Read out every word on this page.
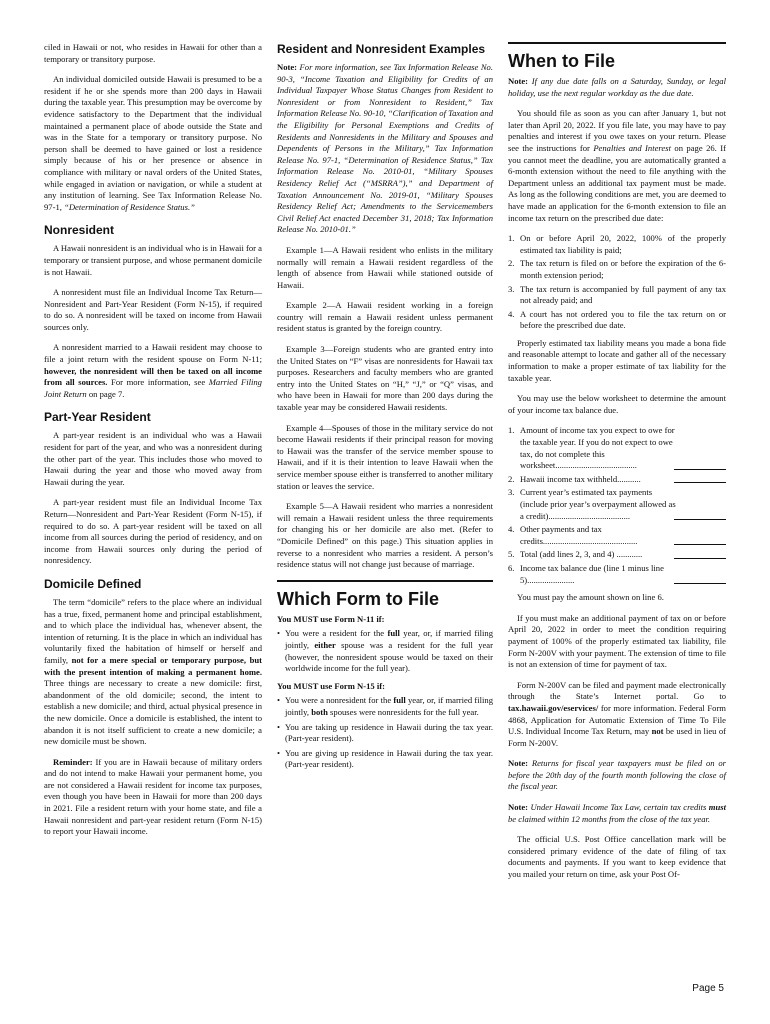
ciled in Hawaii or not, who resides in Hawaii for other than a temporary or transitory purpose.

An individual domiciled outside Hawaii is presumed to be a resident if he or she spends more than 200 days in Hawaii during the taxable year. This presumption may be overcome by evidence satisfactory to the Department that the individual maintained a permanent place of abode outside the State and was in the State for a temporary or transitory purpose. No person shall be deemed to have gained or lost a residence simply because of his or her presence or absence in compliance with military or naval orders of the United States, while engaged in aviation or navigation, or while a student at any institution of learning. See Tax Information Release No. 97-1, “Determination of Residence Status.”

Nonresident

A Hawaii nonresident is an individual who is in Hawaii for a temporary or transient purpose, and whose permanent domicile is not Hawaii.

A nonresident must file an Individual Income Tax Return—Nonresident and Part-Year Resident (Form N-15), if required to do so. A nonresident will be taxed on income from Hawaii sources only.

A nonresident married to a Hawaii resident may choose to file a joint return with the resident spouse on Form N-11; however, the nonresident will then be taxed on all income from all sources. For more information, see Married Filing Joint Return on page 7.

Part-Year Resident

A part-year resident is an individual who was a Hawaii resident for part of the year, and who was a nonresident during the other part of the year. This includes those who moved to Hawaii during the year and those who moved away from Hawaii during the year.

A part-year resident must file an Individual Income Tax Return—Nonresident and Part-Year Resident (Form N-15), if required to do so. A part-year resident will be taxed on all income from all sources during the period of residency, and on income from Hawaii sources only during the period of nonresidency.

Domicile Defined

The term “domicile” refers to the place where an individual has a true, fixed, permanent home and principal establishment, and to which place the individual has, whenever absent, the intention of returning. It is the place in which an individual has voluntarily fixed the habitation of himself or herself and family, not for a mere special or temporary purpose, but with the present intention of making a permanent home. Three things are necessary to create a new domicile: first, abandonment of the old domicile; second, the intent to establish a new domicile; and third, actual physical presence in the new domicile. Once a domicile is established, the intent to abandon it is not itself sufficient to create a new domicile; a new domicile must be shown.

Reminder: If you are in Hawaii because of military orders and do not intend to make Hawaii your permanent home, you are not considered a Hawaii resident for income tax purposes, even though you have been in Hawaii for more than 200 days in 2021. File a resident return with your home state, and file a Hawaii nonresident and part-year resident return (Form N-15) to report your Hawaii income.

Resident and Nonresident Examples

Note: For more information, see Tax Information Release No. 90-3, “Income Taxation and Eligibility for Credits of an Individual Taxpayer Whose Status Changes from Resident to Nonresident or from Nonresident to Resident,” Tax Information Release No. 90-10, “Clarification of Taxation and the Eligibility for Personal Exemptions and Credits of Residents and Nonresidents in the Military and Spouses and Dependents of Persons in the Military,” Tax Information Release No. 97-1, “Determination of Residence Status,” Tax Information Release No. 2010-01, “Military Spouses Residency Relief Act (“MSRRA”),” and Department of Taxation Announcement No. 2019-01, “Military Spouses Residency Relief Act; Amendments to the Servicemembers Civil Relief Act enacted December 31, 2018; Tax Information Release No. 2010-01.”

Example 1—A Hawaii resident who enlists in the military normally will remain a Hawaii resident regardless of the length of absence from Hawaii while stationed outside of Hawaii.

Example 2—A Hawaii resident working in a foreign country will remain a Hawaii resident unless permanent resident status is granted by the foreign country.

Example 3—Foreign students who are granted entry into the United States on “F” visas are nonresidents for Hawaii tax purposes. Researchers and faculty members who are granted entry into the United States on “H,” “J,” or “Q” visas, and who have been in Hawaii for more than 200 days during the taxable year may be considered Hawaii residents.

Example 4—Spouses of those in the military service do not become Hawaii residents if their principal reason for moving to Hawaii was the transfer of the service member spouse to Hawaii, and if it is their intention to leave Hawaii when the service member spouse either is transferred to another military station or leaves the service.

Example 5—A Hawaii resident who marries a nonresident will remain a Hawaii resident unless the three requirements for changing his or her domicile are also met. (Refer to “Domicile Defined” on this page.) This situation applies in reverse to a nonresident who marries a resident. A person’s residence status will not change just because of marriage.

Which Form to File
You MUST use Form N-11 if:
• You were a resident for the full year, or, if married filing jointly, either spouse was a resident for the full year (however, the nonresident spouse would be taxed on their worldwide income for the full year).
You MUST use Form N-15 if:
• You were a nonresident for the full year, or, if married filing jointly, both spouses were nonresidents for the full year.
• You are taking up residence in Hawaii during the tax year. (Part-year resident).
• You are giving up residence in Hawaii during the tax year. (Part-year resident).
When to File

Note: If any due date falls on a Saturday, Sunday, or legal holiday, use the next regular workday as the due date.

You should file as soon as you can after January 1, but not later than April 20, 2022. If you file late, you may have to pay penalties and interest if you owe taxes on your return. Please see the instructions for Penalties and Interest on page 26. If you cannot meet the deadline, you are automatically granted a 6-month extension without the need to file anything with the Department unless an additional tax payment must be made. As long as the following conditions are met, you are deemed to have made an application for the 6-month extension to file an income tax return on the prescribed due date:

1. On or before April 20, 2022, 100% of the properly estimated tax liability is paid;
2. The tax return is filed on or before the expiration of the 6-month extension period;
3. The tax return is accompanied by full payment of any tax not already paid; and
4. A court has not ordered you to file the tax return on or before the prescribed due date.

Properly estimated tax liability means you made a bona fide and reasonable attempt to locate and gather all of the necessary information to make a proper estimate of tax liability for the taxable year.

You may use the below worksheet to determine the amount of your income tax balance due.

1. Amount of income tax you expect to owe for the taxable year. If you do not expect to owe tax, do not complete this worksheet......................................
2. Hawaii income tax withheld...........
3. Current year’s estimated tax payments (include prior year’s overpayment allowed as a credit)......................................
4. Other payments and tax credits............................................
5. Total (add lines 2, 3, and 4) ............
6. Income tax balance due (line 1 minus line 5)......................

You must pay the amount shown on line 6.

If you must make an additional payment of tax on or before April 20, 2022 in order to meet the condition requiring payment of 100% of the properly estimated tax liability, file Form N-200V with your payment. The extension of time to file is not an extension of time for payment of tax.

Form N-200V can be filed and payment made electronically through the State’s Internet portal. Go to tax.hawaii.gov/eservices/ for more information. Federal Form 4868, Application for Automatic Extension of Time To File U.S. Individual Income Tax Return, may not be used in lieu of Form N-200V.

Note: Returns for fiscal year taxpayers must be filed on or before the 20th day of the fourth month following the close of the fiscal year.

Note: Under Hawaii Income Tax Law, certain tax credits must be claimed within 12 months from the close of the tax year.

The official U.S. Post Office cancellation mark will be considered primary evidence of the date of filing of tax documents and payments. If you want to keep evidence that you mailed your return on time, ask your Post Of-

Page 5
